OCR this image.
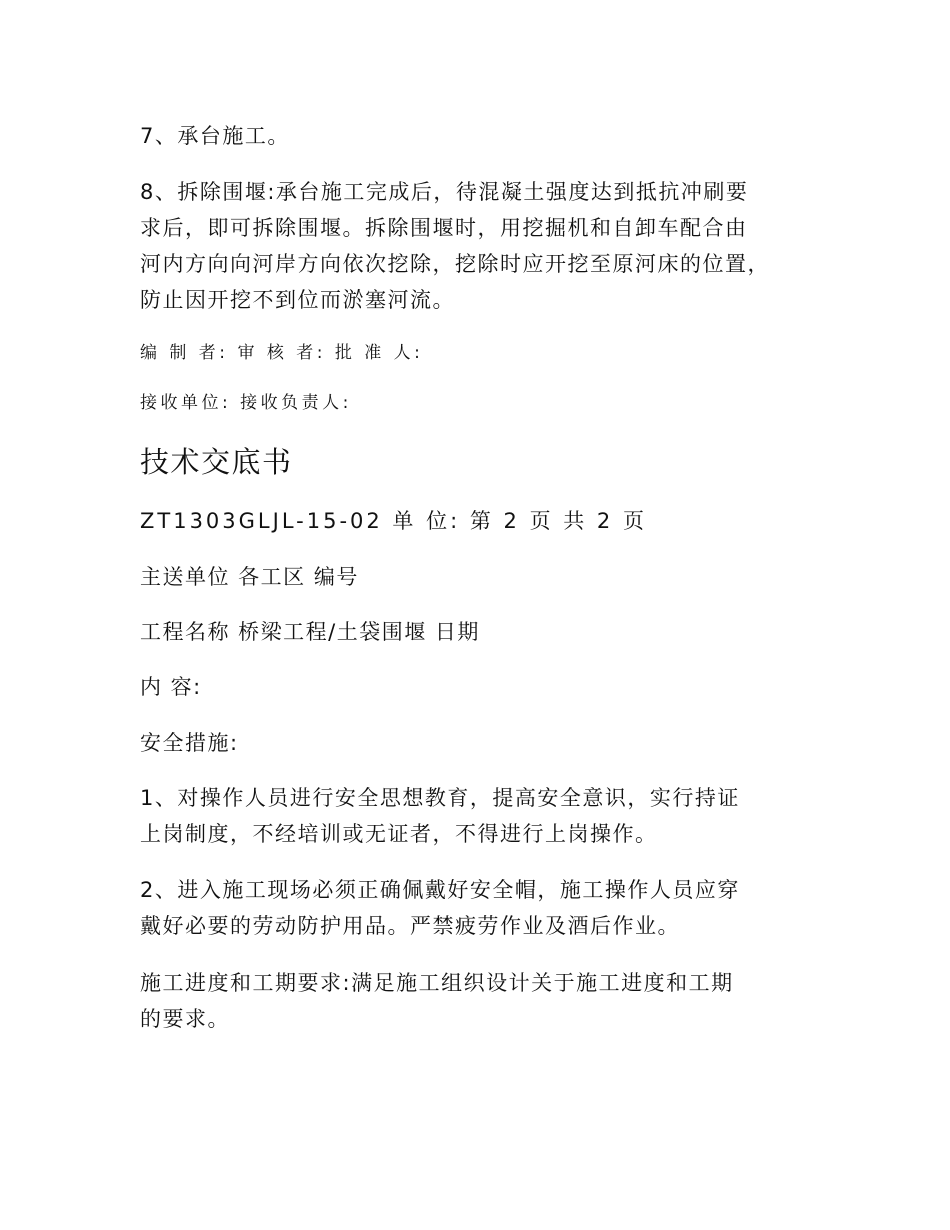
7、承台施工。
8、拆除围堰:承台施工完成后，待混凝土强度达到抵抗冲刷要
求后，即可拆除围堰。拆除围堰时，用挖掘机和自卸车配合由
河内方向向河岸方向依次挖除，挖除时应开挖至原河床的位置，
防止因开挖不到位而淤塞河流。
编 制 者: 审 核 者: 批 准 人:
接收单位: 接收负责人:
技术交底书
ZT1303GLJL-15-02 单 位: 第 2 页 共 2 页
主送单位 各工区 编号
工程名称 桥梁工程/土袋围堰 日期
内 容:
安全措施:
1、对操作人员进行安全思想教育，提高安全意识，实行持证
上岗制度，不经培训或无证者，不得进行上岗操作。
2、进入施工现场必须正确佩戴好安全帽，施工操作人员应穿
戴好必要的劳动防护用品。严禁疲劳作业及酒后作业。
施工进度和工期要求:满足施工组织设计关于施工进度和工期
的要求。
